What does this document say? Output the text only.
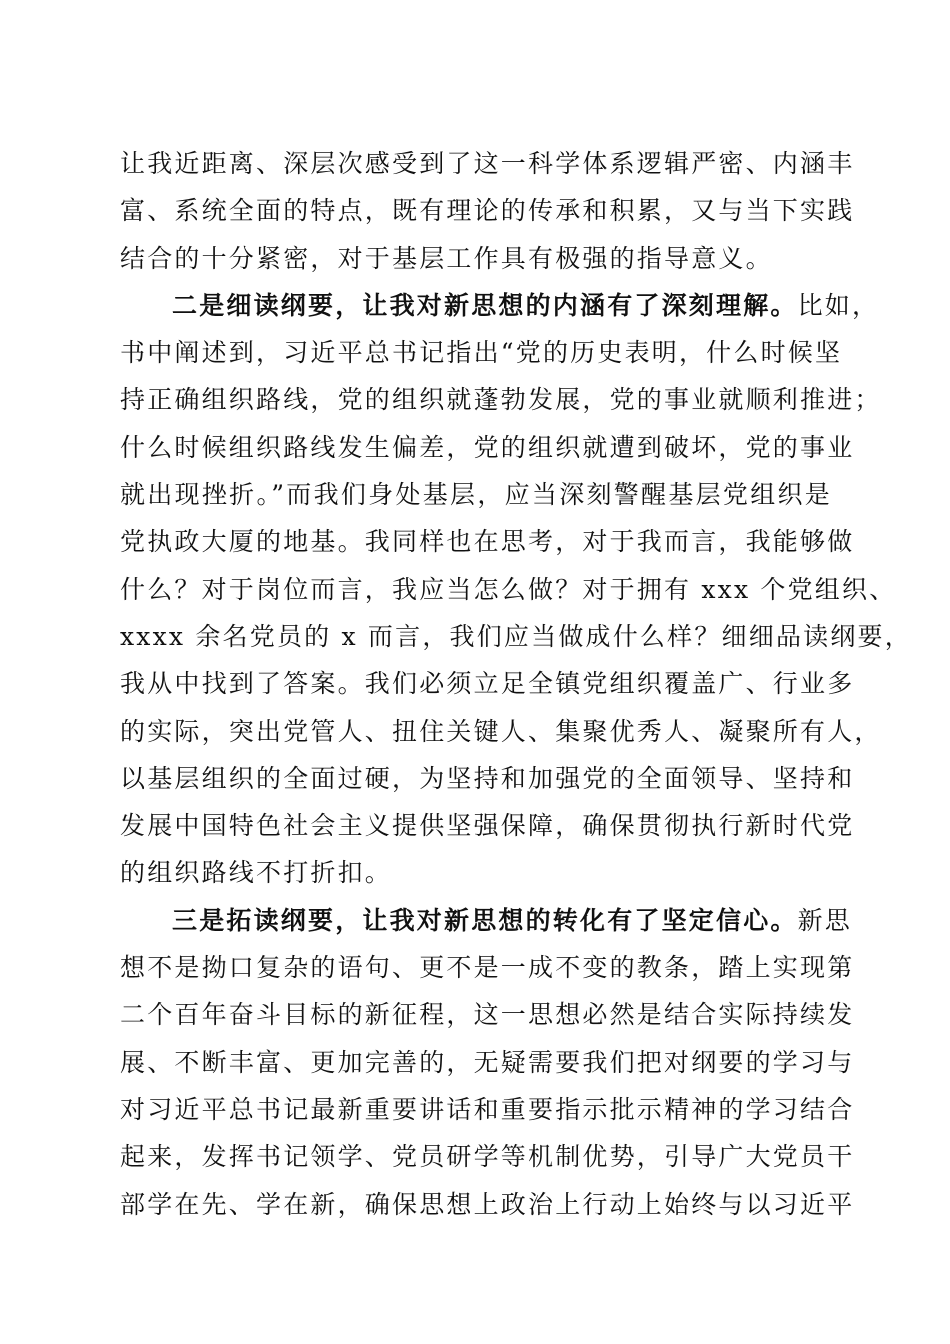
让我近距离、深层次感受到了这一科学体系逻辑严密、内涵丰
富、系统全面的特点，既有理论的传承和积累，又与当下实践
结合的十分紧密，对于基层工作具有极强的指导意义。
二是细读纲要，让我对新思想的内涵有了深刻理解。比如，
书中阐述到，习近平总书记指出“党的历史表明，什么时候坚
持正确组织路线，党的组织就蓬勃发展，党的事业就顺利推进；
什么时候组织路线发生偏差，党的组织就遭到破坏，党的事业
就出现挫折。”而我们身处基层，应当深刻警醒基层党组织是
党执政大厦的地基。我同样也在思考，对于我而言，我能够做
什么？对于岗位而言，我应当怎么做？对于拥有 xxx 个党组织、
xxxx 余名党员的 x 而言，我们应当做成什么样？细细品读纲要，
我从中找到了答案。我们必须立足全镇党组织覆盖广、行业多
的实际，突出党管人、扭住关键人、集聚优秀人、凝聚所有人，
以基层组织的全面过硬，为坚持和加强党的全面领导、坚持和
发展中国特色社会主义提供坚强保障，确保贯彻执行新时代党
的组织路线不打折扣。
三是拓读纲要，让我对新思想的转化有了坚定信心。新思
想不是拗口复杂的语句、更不是一成不变的教条，踏上实现第
二个百年奋斗目标的新征程，这一思想必然是结合实际持续发
展、不断丰富、更加完善的，无疑需要我们把对纲要的学习与
对习近平总书记最新重要讲话和重要指示批示精神的学习结合
起来，发挥书记领学、党员研学等机制优势，引导广大党员干
部学在先、学在新，确保思想上政治上行动上始终与以习近平
